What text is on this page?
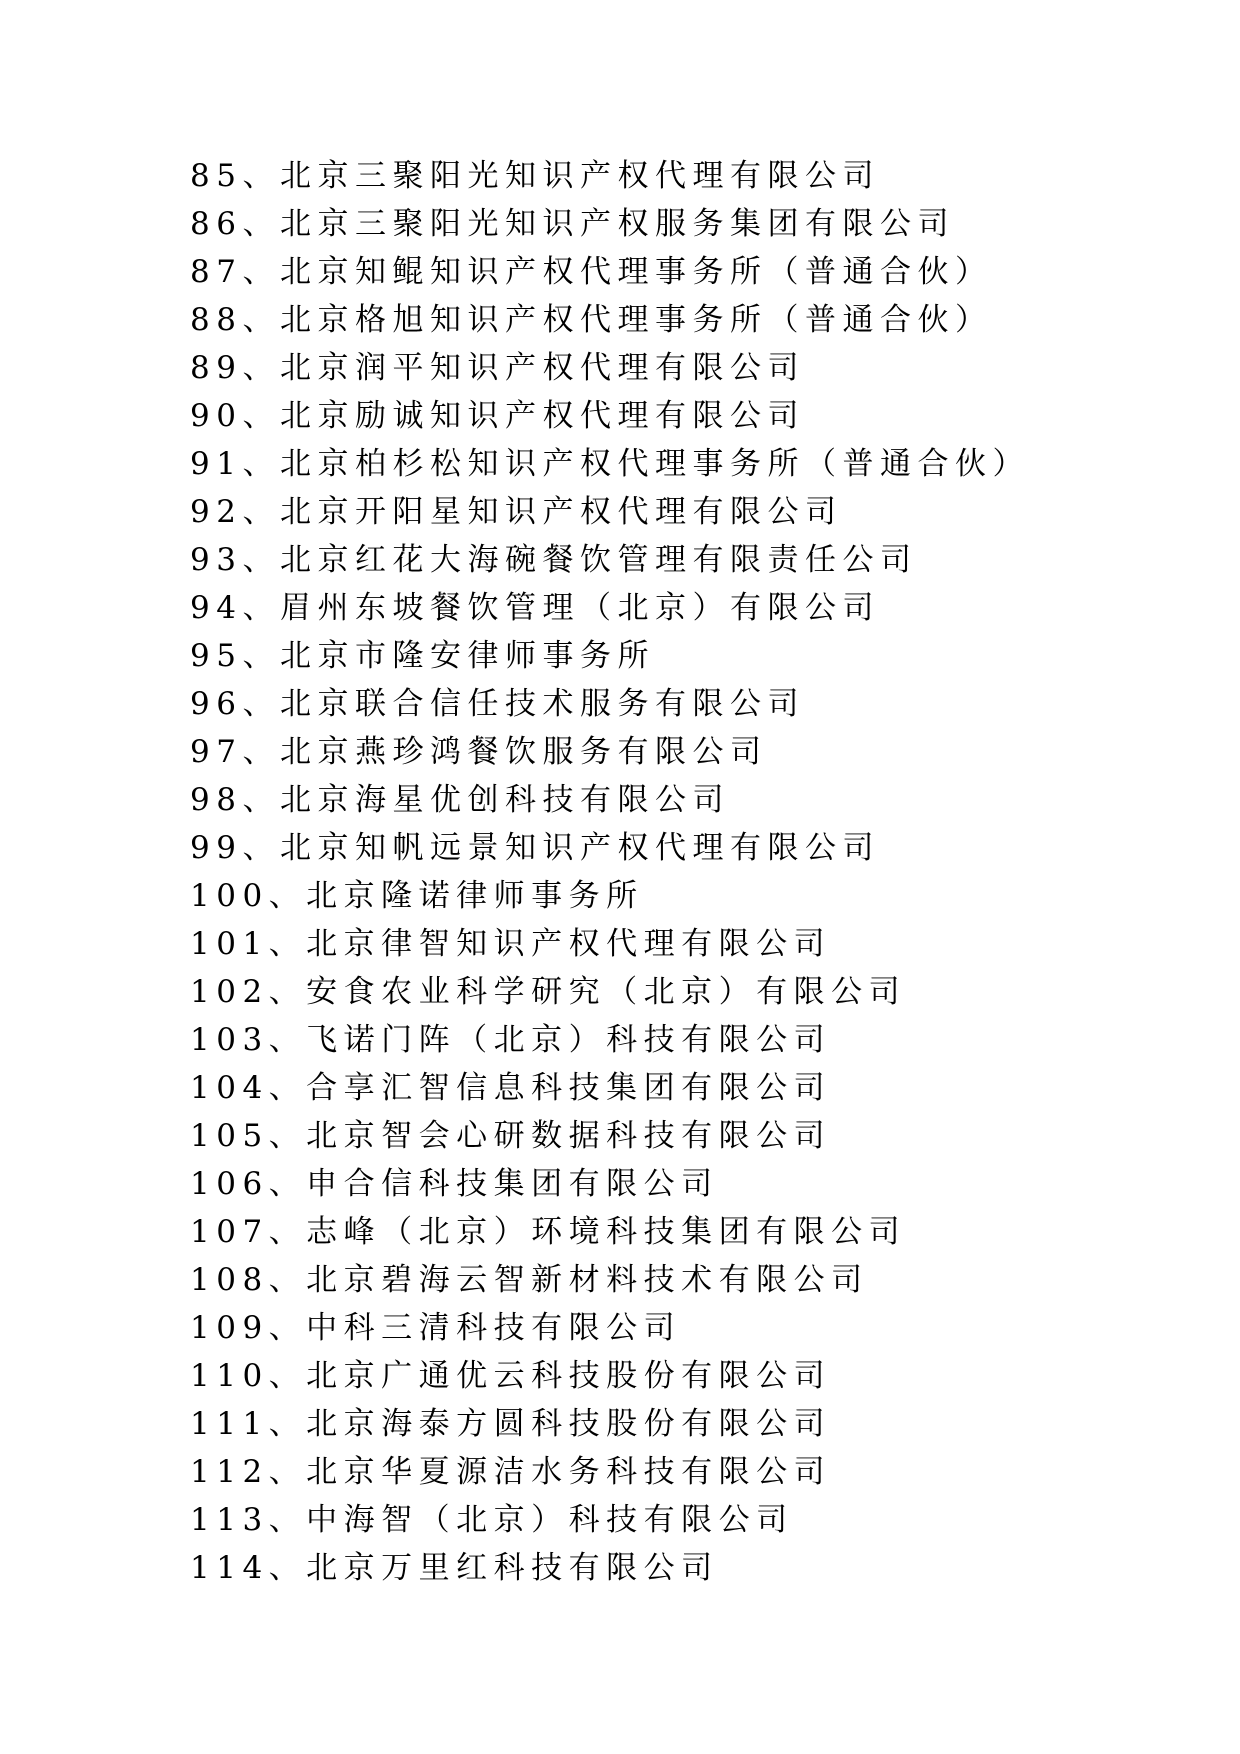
85、北京三聚阳光知识产权代理有限公司
86、北京三聚阳光知识产权服务集团有限公司
87、北京知鲲知识产权代理事务所（普通合伙）
88、北京格旭知识产权代理事务所（普通合伙）
89、北京润平知识产权代理有限公司
90、北京励诚知识产权代理有限公司
91、北京柏杉松知识产权代理事务所（普通合伙）
92、北京开阳星知识产权代理有限公司
93、北京红花大海碗餐饮管理有限责任公司
94、眉州东坡餐饮管理（北京）有限公司
95、北京市隆安律师事务所
96、北京联合信任技术服务有限公司
97、北京燕珍鸿餐饮服务有限公司
98、北京海星优创科技有限公司
99、北京知帆远景知识产权代理有限公司
100、北京隆诺律师事务所
101、北京律智知识产权代理有限公司
102、安食农业科学研究（北京）有限公司
103、飞诺门阵（北京）科技有限公司
104、合享汇智信息科技集团有限公司
105、北京智会心研数据科技有限公司
106、申合信科技集团有限公司
107、志峰（北京）环境科技集团有限公司
108、北京碧海云智新材料技术有限公司
109、中科三清科技有限公司
110、北京广通优云科技股份有限公司
111、北京海泰方圆科技股份有限公司
112、北京华夏源洁水务科技有限公司
113、中海智（北京）科技有限公司
114、北京万里红科技有限公司
